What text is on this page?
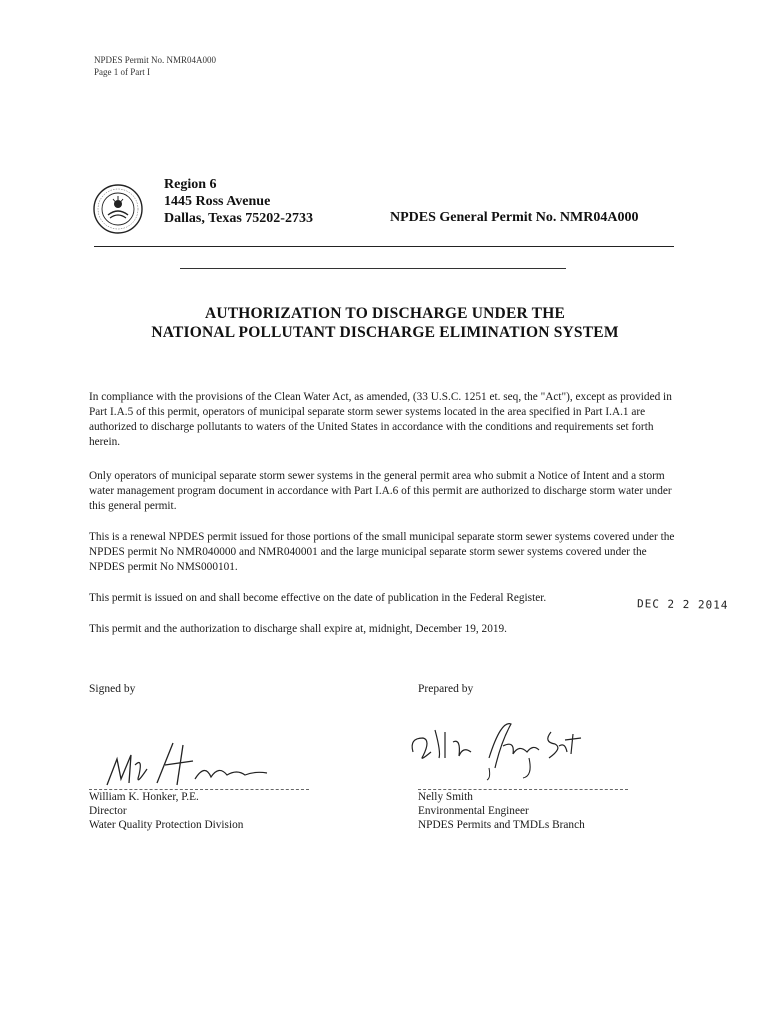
NPDES Permit No. NMR04A000
Page 1 of Part I
Region 6
1445 Ross Avenue
Dallas, Texas 75202-2733	NPDES General Permit No. NMR04A000
AUTHORIZATION TO DISCHARGE UNDER THE
NATIONAL POLLUTANT DISCHARGE ELIMINATION SYSTEM
In compliance with the provisions of the Clean Water Act, as amended, (33 U.S.C. 1251 et. seq, the "Act"), except as provided in Part I.A.5 of this permit, operators of municipal separate storm sewer systems located in the area specified in Part I.A.1 are authorized to discharge pollutants to waters of the United States in accordance with the conditions and requirements set forth herein.
Only operators of municipal separate storm sewer systems in the general permit area who submit a Notice of Intent and a storm water management program document in accordance with Part I.A.6 of this permit are authorized to discharge storm water under this general permit.
This is a renewal NPDES permit issued for those portions of the small municipal separate storm sewer systems covered under the NPDES permit No NMR040000 and NMR040001 and the large municipal separate storm sewer systems covered under the NPDES permit No NMS000101.
This permit is issued on and shall become effective on the date of publication in the Federal Register.	DEC 2 2 2014
This permit and the authorization to discharge shall expire at, midnight, December 19, 2019.
Signed by	Prepared by
William K. Honker, P.E.
Director
Water Quality Protection Division
Nelly Smith
Environmental Engineer
NPDES Permits and TMDLs Branch
